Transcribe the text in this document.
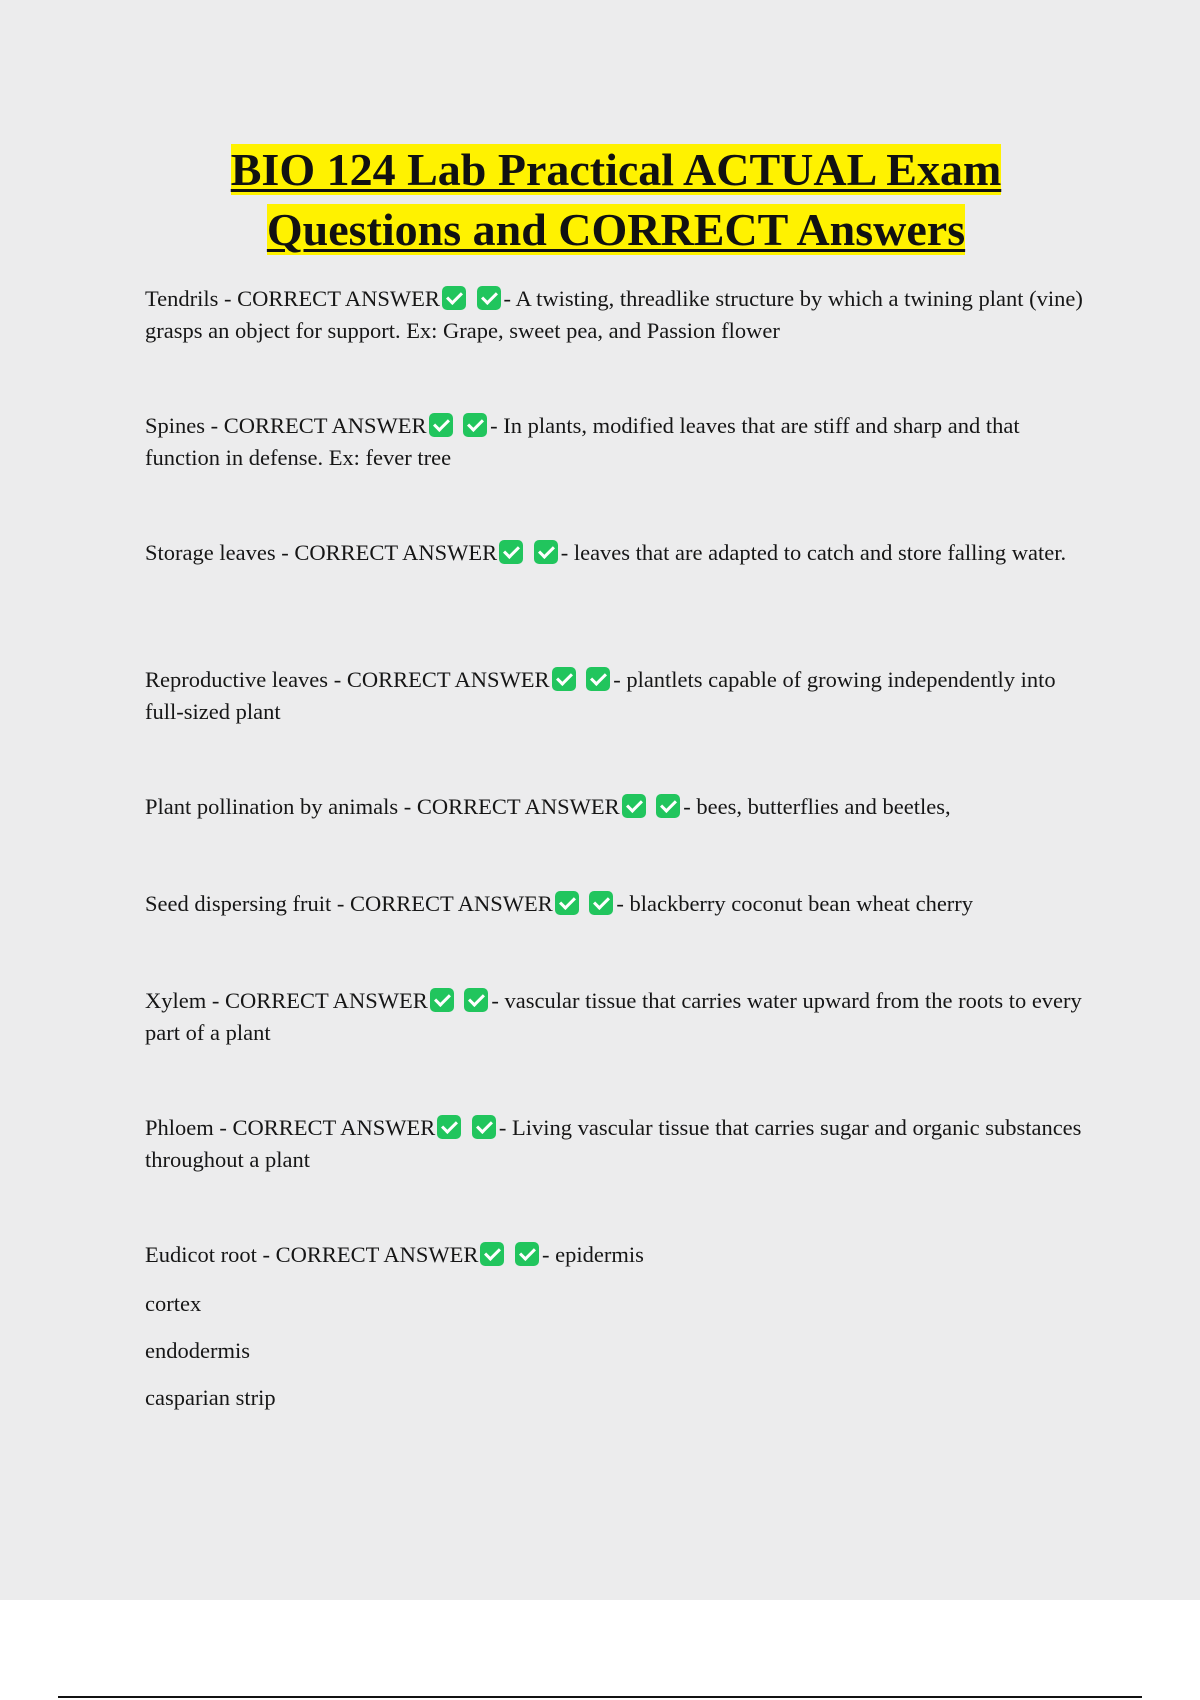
BIO 124 Lab Practical ACTUAL Exam
Questions and CORRECT Answers
Tendrils - CORRECT ANSWER	- A twisting, threadlike structure by which a twining plant (vine) grasps an object for support. Ex: Grape, sweet pea, and Passion flower
Spines - CORRECT ANSWER	- In plants, modified leaves that are stiff and sharp and that function in defense. Ex: fever tree
Storage leaves - CORRECT ANSWER	- leaves that are adapted to catch and store falling water.
Reproductive leaves - CORRECT ANSWER	- plantlets capable of growing independently into full-sized plant
Plant pollination by animals - CORRECT ANSWER	- bees, butterflies and beetles,
Seed dispersing fruit - CORRECT ANSWER	- blackberry coconut bean wheat cherry
Xylem - CORRECT ANSWER	- vascular tissue that carries water upward from the roots to every part of a plant
Phloem - CORRECT ANSWER	- Living vascular tissue that carries sugar and organic substances throughout a plant
Eudicot root - CORRECT ANSWER	- epidermis
cortex
endodermis
casparian strip
